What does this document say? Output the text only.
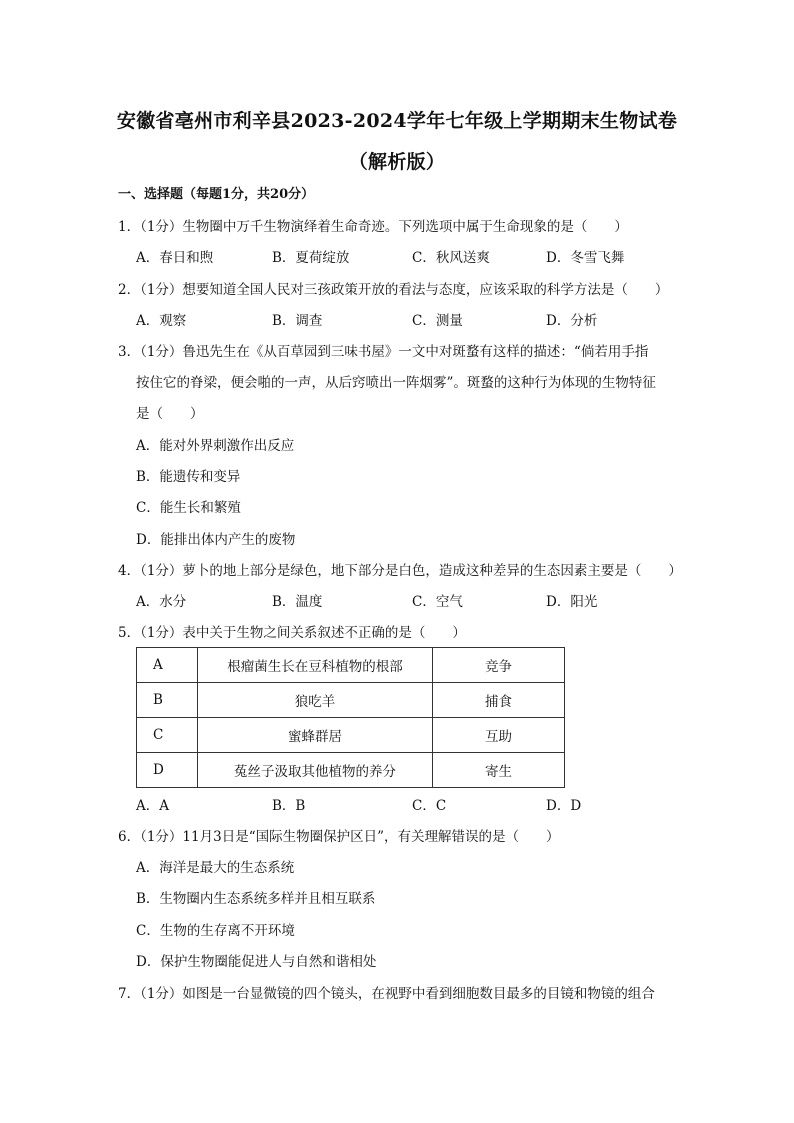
安徽省亳州市利辛县2023-2024学年七年级上学期期末生物试卷
（解析版）
一、选择题（每题1分，共20分）
1．（1分）生物圈中万千生物演绎着生命奇迹。下列选项中属于生命现象的是（　　）
A．春日和煦	B．夏荷绽放	C．秋风送爽	D．冬雪飞舞
2．（1分）想要知道全国人民对三孩政策开放的看法与态度，应该采取的科学方法是（　　）
A．观察	B．调查	C．测量	D．分析
3．（1分）鲁迅先生在《从百草园到三味书屋》一文中对斑蝥有这样的描述：“倘若用手指
按住它的脊梁，便会啪的一声，从后窍喷出一阵烟雾”。斑蝥的这种行为体现的生物特征
是（　　）
A．能对外界刺激作出反应
B．能遗传和变异
C．能生长和繁殖
D．能排出体内产生的废物
4．（1分）萝卜的地上部分是绿色，地下部分是白色，造成这种差异的生态因素主要是（　　）
A．水分	B．温度	C．空气	D．阳光
5．（1分）表中关于生物之间关系叙述不正确的是（　　）
A	根瘤菌生长在豆科植物的根部	竞争
B	狼吃羊	捕食
C	蜜蜂群居	互助
D	菟丝子汲取其他植物的养分	寄生
A．A	B．B	C．C	D．D
6．（1分）11月3日是“国际生物圈保护区日”，有关理解错误的是（　　）
A．海洋是最大的生态系统
B．生物圈内生态系统多样并且相互联系
C．生物的生存离不开环境
D．保护生物圈能促进人与自然和谐相处
7．（1分）如图是一台显微镜的四个镜头，在视野中看到细胞数目最多的目镜和物镜的组合
